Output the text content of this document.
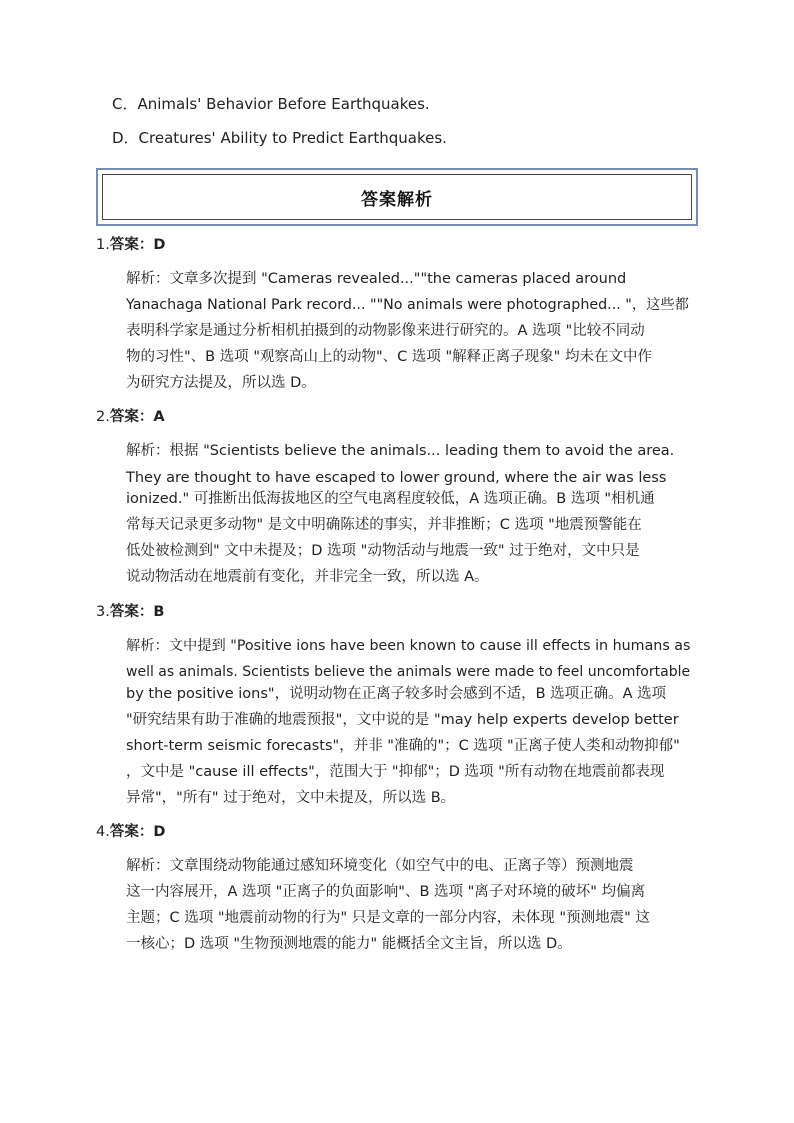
C．Animals' Behavior Before Earthquakes.
D．Creatures' Ability to Predict Earthquakes.
答案解析
1.答案：D
解析：文章多次提到 "Cameras revealed...""the cameras placed around
Yanachaga National Park record... ""No animals were photographed... "，这些都
表明科学家是通过分析相机拍摄到的动物影像来进行研究的。A 选项 "比较不同动
物的习性"、B 选项 "观察高山上的动物"、C 选项 "解释正离子现象" 均未在文中作
为研究方法提及，所以选 D。
2.答案：A
解析：根据 "Scientists believe the animals... leading them to avoid the area.
They are thought to have escaped to lower ground, where the air was less
ionized." 可推断出低海拔地区的空气电离程度较低，A 选项正确。B 选项 "相机通
常每天记录更多动物" 是文中明确陈述的事实，并非推断；C 选项 "地震预警能在
低处被检测到" 文中未提及；D 选项 "动物活动与地震一致" 过于绝对，文中只是
说动物活动在地震前有变化，并非完全一致，所以选 A。
3.答案：B
解析：文中提到 "Positive ions have been known to cause ill effects in humans as
well as animals. Scientists believe the animals were made to feel uncomfortable
by the positive ions"，说明动物在正离子较多时会感到不适，B 选项正确。A 选项
"研究结果有助于准确的地震预报"，文中说的是 "may help experts develop better
short-term seismic forecasts"，并非 "准确的"；C 选项 "正离子使人类和动物抑郁"
，文中是 "cause ill effects"，范围大于 "抑郁"；D 选项 "所有动物在地震前都表现
异常"，"所有" 过于绝对，文中未提及，所以选 B。
4.答案：D
解析：文章围绕动物能通过感知环境变化（如空气中的电、正离子等）预测地震
这一内容展开，A 选项 "正离子的负面影响"、B 选项 "离子对环境的破坏" 均偏离
主题；C 选项 "地震前动物的行为" 只是文章的一部分内容，未体现 "预测地震" 这
一核心；D 选项 "生物预测地震的能力" 能概括全文主旨，所以选 D。
